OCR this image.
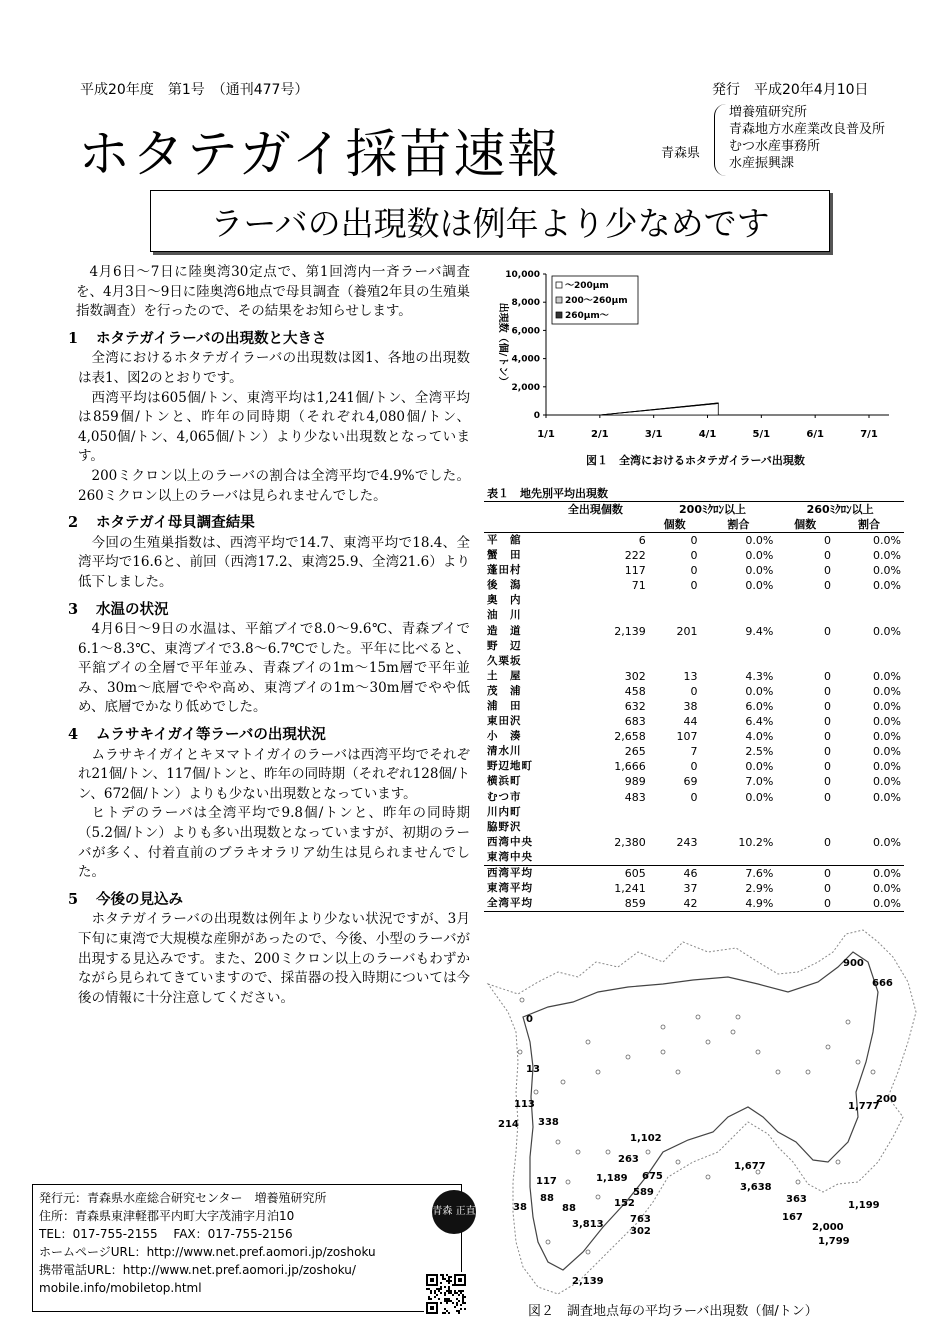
平成20年度　第1号　（通刊477号）	発行　平成20年4月10日
ホタテガイ採苗速報	青森県
増養殖研究所
青森地方水産業改良普及所
むつ水産事務所
水産振興課
ラーバの出現数は例年より少なめです

4月6日～7日に陸奥湾30定点で、第1回湾内一斉ラーバ調査を、4月3日～9日に陸奥湾6地点で母貝調査（養殖2年貝の生殖巣指数調査）を行ったので、その結果をお知らせします。

1 ホタテガイラーバの出現数と大きさ

全湾におけるホタテガイラーバの出現数は図1、各地の出現数は表1、図2のとおりです。

西湾平均は605個/トン、東湾平均は1,241個/トン、全湾平均は859個/トンと、昨年の同時期（それぞれ4,080個/トン、4,050個/トン、4,065個/トン）より少ない出現数となっています。

200ミクロン以上のラーバの割合は全湾平均で4.9%でした。260ミクロン以上のラーバは見られませんでした。

2 ホタテガイ母貝調査結果

今回の生殖巣指数は、西湾平均で14.7、東湾平均で18.4、全湾平均で16.6と、前回（西湾17.2、東湾25.9、全湾21.6）より低下しました。

3 水温の状況

4月6日～9日の水温は、平舘ブイで8.0～9.6℃、青森ブイで6.1～8.3℃、東湾ブイで3.8～6.7℃でした。平年に比べると、平舘ブイの全層で平年並み、青森ブイの1m～15m層で平年並み、30m～底層でやや高め、東湾ブイの1m～30m層でやや低め、底層でかなり低めでした。

4 ムラサキイガイ等ラーバの出現状況

ムラサキイガイとキヌマトイガイのラーバは西湾平均でそれぞれ21個/トン、117個/トンと、昨年の同時期（それぞれ128個/トン、672個/トン）よりも少ない出現数となっています。

ヒトデのラーバは全湾平均で9.8個/トンと、昨年の同時期（5.2個/トン）よりも多い出現数となっていますが、初期のラーバが多く、付着直前のブラキオラリア幼生は見られませんでした。

5 今後の見込み

ホタテガイラーバの出現数は例年より少ない状況ですが、3月下旬に東湾で大規模な産卵があったので、今後、小型のラーバが出現する見込みです。また、200ミクロン以上のラーバもわずかながら見られてきていますので、採苗器の投入時期については今後の情報に十分注意してください。

0
2,000
4,000
6,000
8,000
10,000
1/1	2/1	3/1	4/1	5/1	6/1	7/1
出現数（個/トン）
～200μm
200～260μm
260μm～
図１　全湾におけるホタテガイラーバ出現数
表１　地先別平均出現数					
	全出現個数	200ﾐｸﾛﾝ以上		260ﾐｸﾛﾝ以上	
		個数	割合	個数	割合
平　舘	6	0	0.0%	0	0.0%
蟹　田	222	0	0.0%	0	0.0%
蓬田村	117	0	0.0%	0	0.0%
後　潟	71	0	0.0%	0	0.0%
奥　内					
油　川					
造　道	2,139	201	9.4%	0	0.0%
野　辺					
久栗坂					
土　屋	302	13	4.3%	0	0.0%
茂　浦	458	0	0.0%	0	0.0%
浦　田	632	38	6.0%	0	0.0%
東田沢	683	44	6.4%	0	0.0%
小　湊	2,658	107	4.0%	0	0.0%
清水川	265	7	2.5%	0	0.0%
野辺地町	1,666	0	0.0%	0	0.0%
横浜町	989	69	7.0%	0	0.0%
むつ市	483	0	0.0%	0	0.0%
川内町					
脇野沢					
西湾中央	2,380	243	10.2%	0	0.0%
東湾中央					
西湾平均	605	46	7.6%	0	0.0%
東湾平均	1,241	37	2.9%	0	0.0%
全湾平均	859	42	4.9%	0	0.0%
0
13
113
214 338
1,102
263
117	1,189 675
38
88
88
589
152
763
3,813
302
2,139
1,677
3,638
363
167
1,199
2,000
1,799
900
666
1,777
200
図２　調査地点毎の平均ラーバ出現数（個/トン）
発行元：青森県水産総合研究センター　増養殖研究所
住所：青森県東津軽郡平内町大字茂浦字月泊10
TEL：017-755-2155　 FAX：017-755-2156
ホームページURL：http://www.net.pref.aomori.jp/zoshoku
携帯電話URL：http://www.net.pref.aomori.jp/zoshoku/
mobile.info/mobiletop.html
青森 正直
